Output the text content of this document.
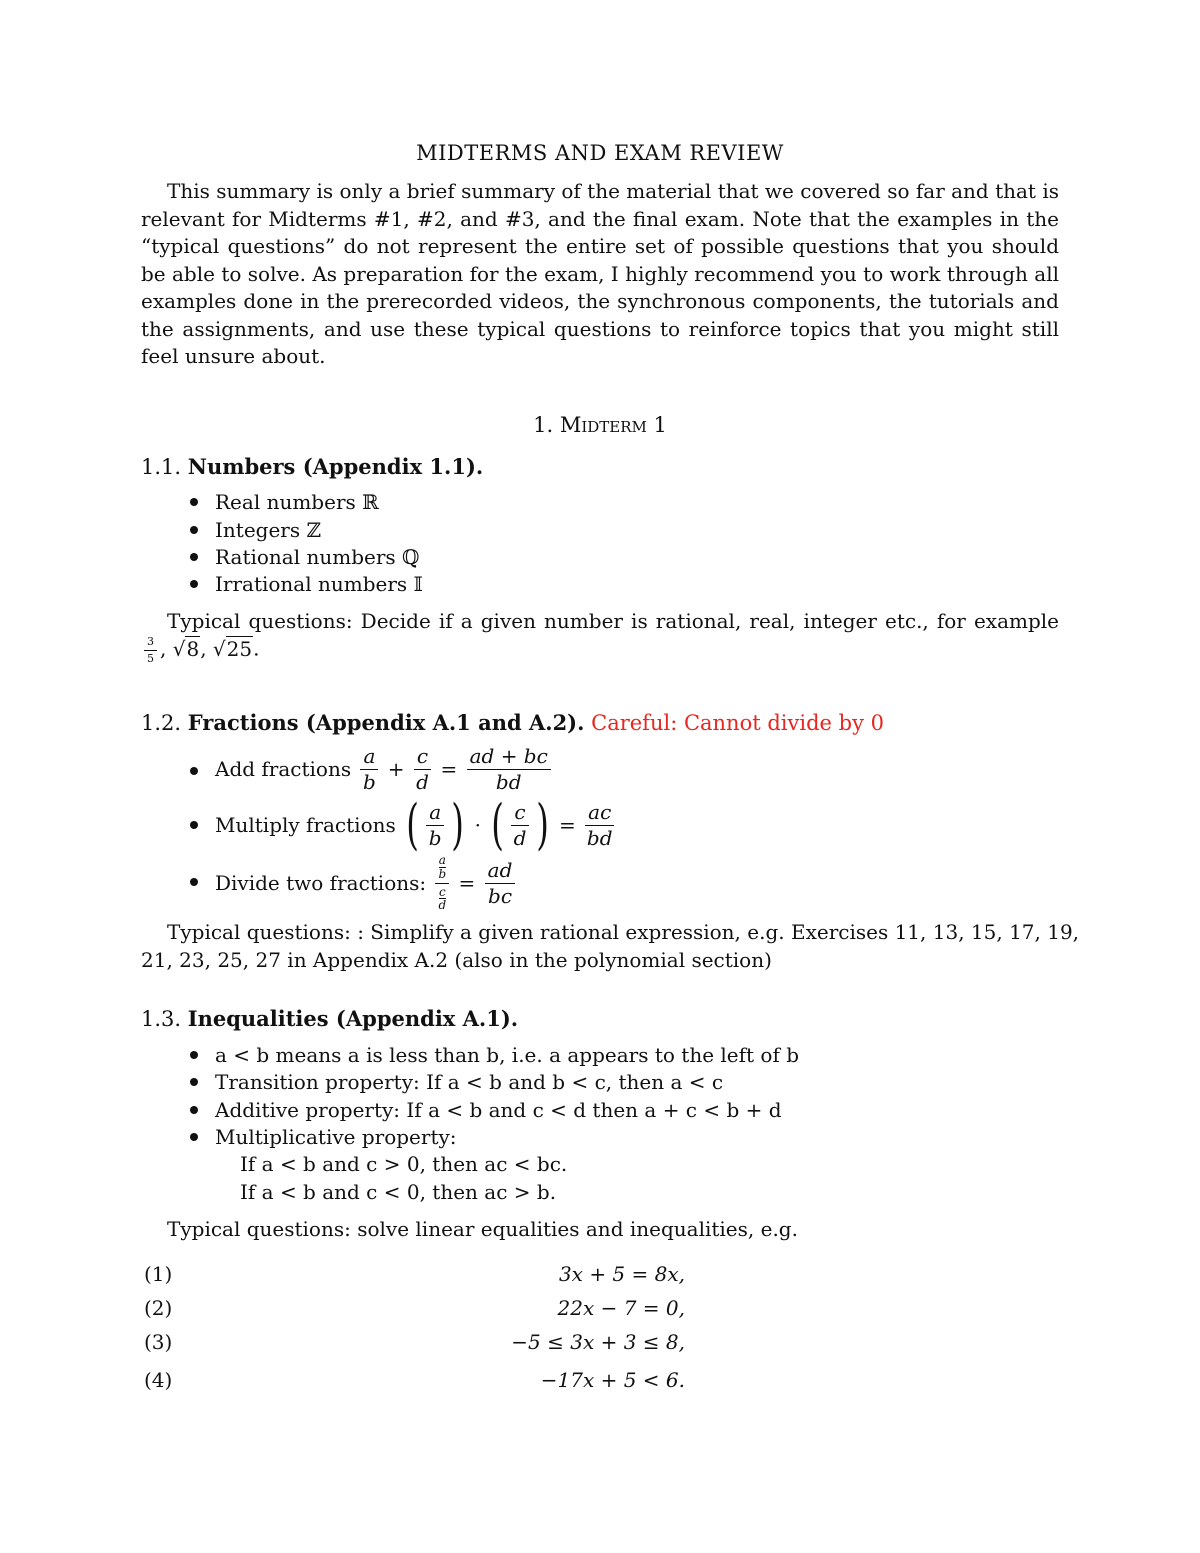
MIDTERMS AND EXAM REVIEW

This summary is only a brief summary of the material that we covered so far and that is relevant for Midterms #1, #2, and #3, and the final exam. Note that the examples in the “typical questions” do not represent the entire set of possible questions that you should be able to solve. As preparation for the exam, I highly recommend you to work through all examples done in the prerecorded videos, the synchronous components, the tutorials and the assignments, and use these typical questions to reinforce topics that you might still feel unsure about.

1. Midterm 1
1.1. Numbers (Appendix 1.1).
Real numbers ℝ
Integers ℤ
Rational numbers ℚ
Irrational numbers 𝕀
Typical questions: Decide if a given number is rational, real, integer etc., for example
$\frac{3}{5}$ , √8, √25.
1.2. Fractions (Appendix A.1 and A.2). Careful: Cannot divide by 0
Add fractions
$\frac{a}{b} + \frac{c}{d} = \frac{ad + bc}{bd}$
Multiply fractions
( $\frac{a}{b}$ ) · ( $\frac{c}{d}$ ) = $\frac{ac}{bd}$
Divide two fractions:
a
b
c
$d = \frac{ad}{bc}$
Typical questions: : Simplify a given rational expression, e.g. Exercises 11, 13, 15, 17, 19,
21, 23, 25, 27 in Appendix A.2 (also in the polynomial section)
1.3. Inequalities (Appendix A.1).
a < b means a is less than b, i.e. a appears to the left of b
Transition property: If a < b and b < c, then a < c
Additive property: If a < b and c < d then a + c < b + d
Multiplicative property:
If a < b and c > 0, then ac < bc.
If a < b and c < 0, then ac > b.
Typical questions: solve linear equalities and inequalities, e.g.
(1)	3x + 5 = 8x,
(2)	22x − 7 = 0,
(3)	−5 ≤ 3x + 3 ≤ 8,
(4)	−17x + 5 < 6.
